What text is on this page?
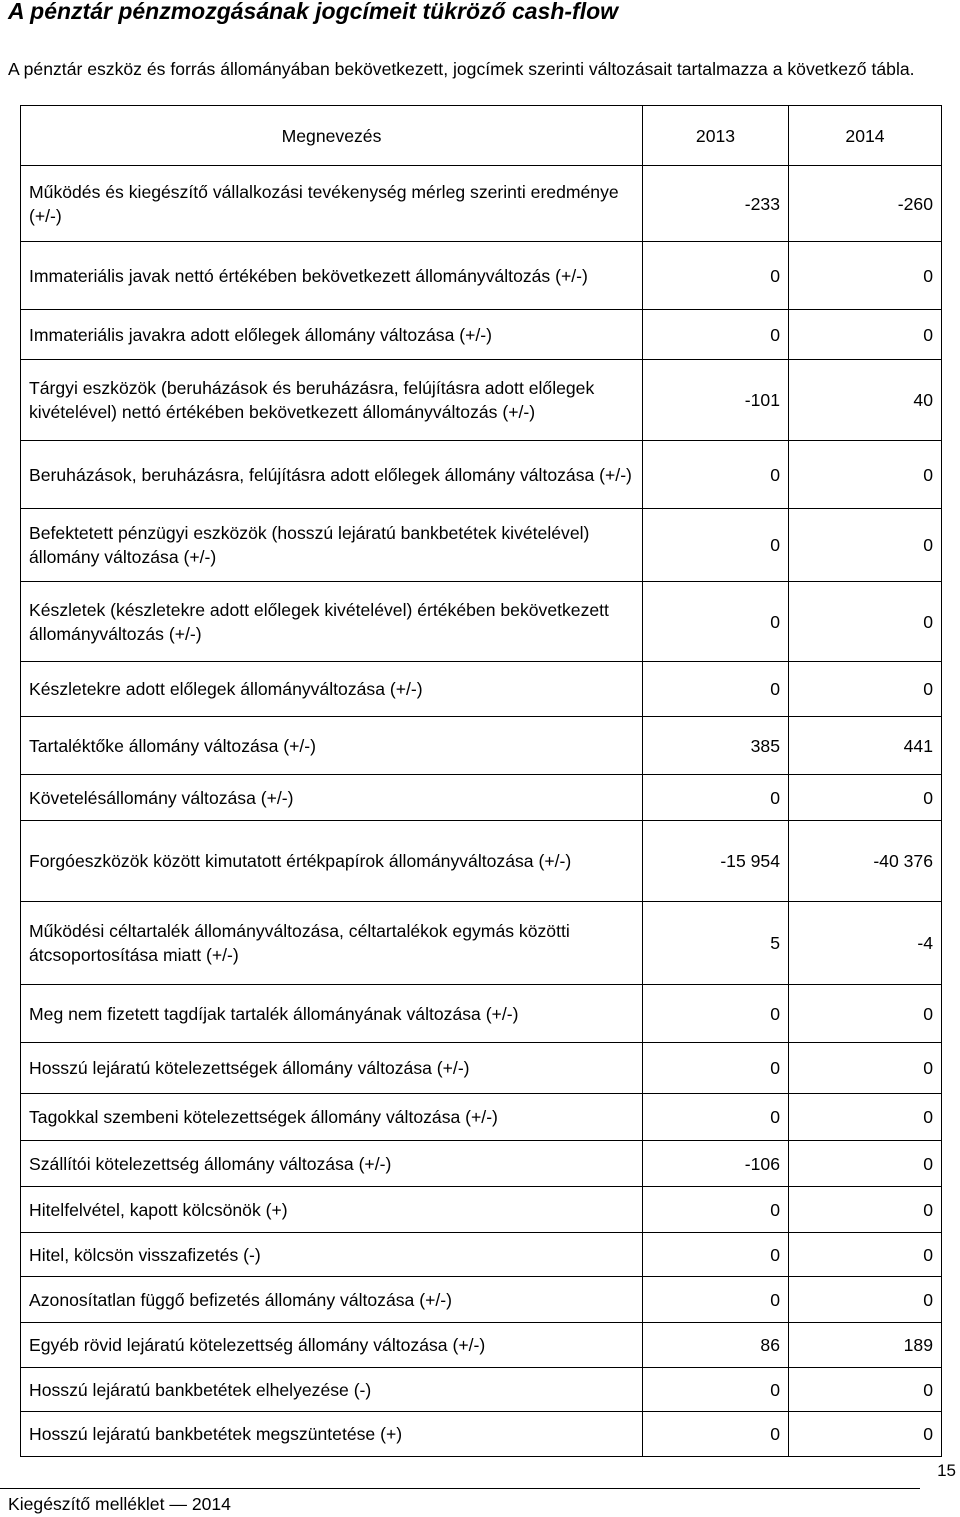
A pénztár pénzmozgásának jogcímeit tükröző cash-flow
A pénztár eszköz és forrás állományában bekövetkezett, jogcímek szerinti változásait tartalmazza a következő tábla.
Megnevezés	2013	2014
Működés és kiegészítő vállalkozási tevékenység mérleg szerinti eredménye (+/-)	-233	-260
Immateriális javak nettó értékében bekövetkezett állományváltozás (+/-)	0	0
Immateriális javakra adott előlegek állomány változása (+/-)	0	0
Tárgyi eszközök (beruházások és beruházásra, felújításra adott előlegek kivételével) nettó értékében bekövetkezett állományváltozás (+/-)	-101	40
Beruházások, beruházásra, felújításra adott előlegek állomány változása (+/-)	0	0
Befektetett pénzügyi eszközök (hosszú lejáratú bankbetétek kivételével) állomány változása (+/-)	0	0
Készletek (készletekre adott előlegek kivételével) értékében bekövetkezett állományváltozás (+/-)	0	0
Készletekre adott előlegek állományváltozása (+/-)	0	0
Tartaléktőke állomány változása (+/-)	385	441
Követelésállomány változása (+/-)	0	0
Forgóeszközök között kimutatott értékpapírok állományváltozása (+/-)	-15 954	-40 376
Működési céltartalék állományváltozása, céltartalékok egymás közötti átcsoportosítása miatt (+/-)	5	-4
Meg nem fizetett tagdíjak tartalék állományának változása (+/-)	0	0
Hosszú lejáratú kötelezettségek állomány változása (+/-)	0	0
Tagokkal szembeni kötelezettségek állomány változása (+/-)	0	0
Szállítói kötelezettség állomány változása (+/-)	-106	0
Hitelfelvétel, kapott kölcsönök (+)	0	0
Hitel, kölcsön visszafizetés (-)	0	0
Azonosítatlan függő befizetés állomány változása (+/-)	0	0
Egyéb rövid lejáratú kötelezettség állomány változása (+/-)	86	189
Hosszú lejáratú bankbetétek elhelyezése (-)	0	0
Hosszú lejáratú bankbetétek megszüntetése (+)	0	0
15
Kiegészítő melléklet — 2014
